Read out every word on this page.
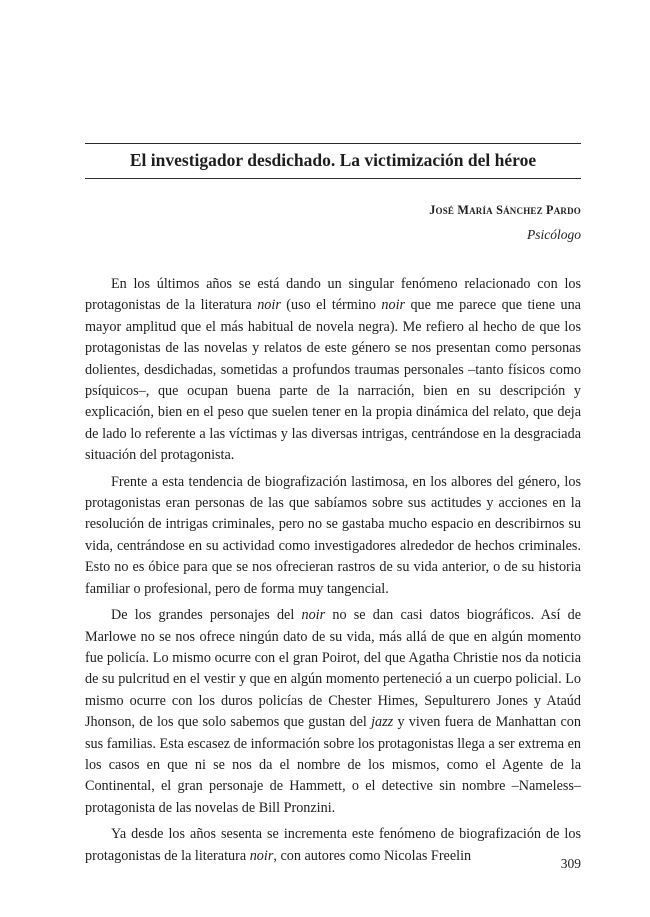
El investigador desdichado. La victimización del héroe

José María Sánchez Pardo

Psicólogo

En los últimos años se está dando un singular fenómeno relacionado con los protagonistas de la literatura noir (uso el término noir que me parece que tiene una mayor amplitud que el más habitual de novela negra). Me refiero al hecho de que los protagonistas de las novelas y relatos de este género se nos presentan como personas dolientes, desdichadas, sometidas a profundos traumas personales –tanto físicos como psíquicos–, que ocupan buena parte de la narración, bien en su descripción y explicación, bien en el peso que suelen tener en la propia dinámica del relato, que deja de lado lo referente a las víctimas y las diversas intrigas, centrándose en la desgraciada situación del protagonista.

Frente a esta tendencia de biografización lastimosa, en los albores del género, los protagonistas eran personas de las que sabíamos sobre sus actitudes y acciones en la resolución de intrigas criminales, pero no se gastaba mucho espacio en describirnos su vida, centrándose en su actividad como investigadores alrededor de hechos criminales. Esto no es óbice para que se nos ofrecieran rastros de su vida anterior, o de su historia familiar o profesional, pero de forma muy tangencial.

De los grandes personajes del noir no se dan casi datos biográficos. Así de Marlowe no se nos ofrece ningún dato de su vida, más allá de que en algún momento fue policía. Lo mismo ocurre con el gran Poirot, del que Agatha Christie nos da noticia de su pulcritud en el vestir y que en algún momento perteneció a un cuerpo policial. Lo mismo ocurre con los duros policías de Chester Himes, Sepulturero Jones y Ataúd Jhonson, de los que solo sabemos que gustan del jazz y viven fuera de Manhattan con sus familias. Esta escasez de información sobre los protagonistas llega a ser extrema en los casos en que ni se nos da el nombre de los mismos, como el Agente de la Continental, el gran personaje de Hammett, o el detective sin nombre –Nameless– protagonista de las novelas de Bill Pronzini.

Ya desde los años sesenta se incrementa este fenómeno de biografización de los protagonistas de la literatura noir, con autores como Nicolas Freelin	309
